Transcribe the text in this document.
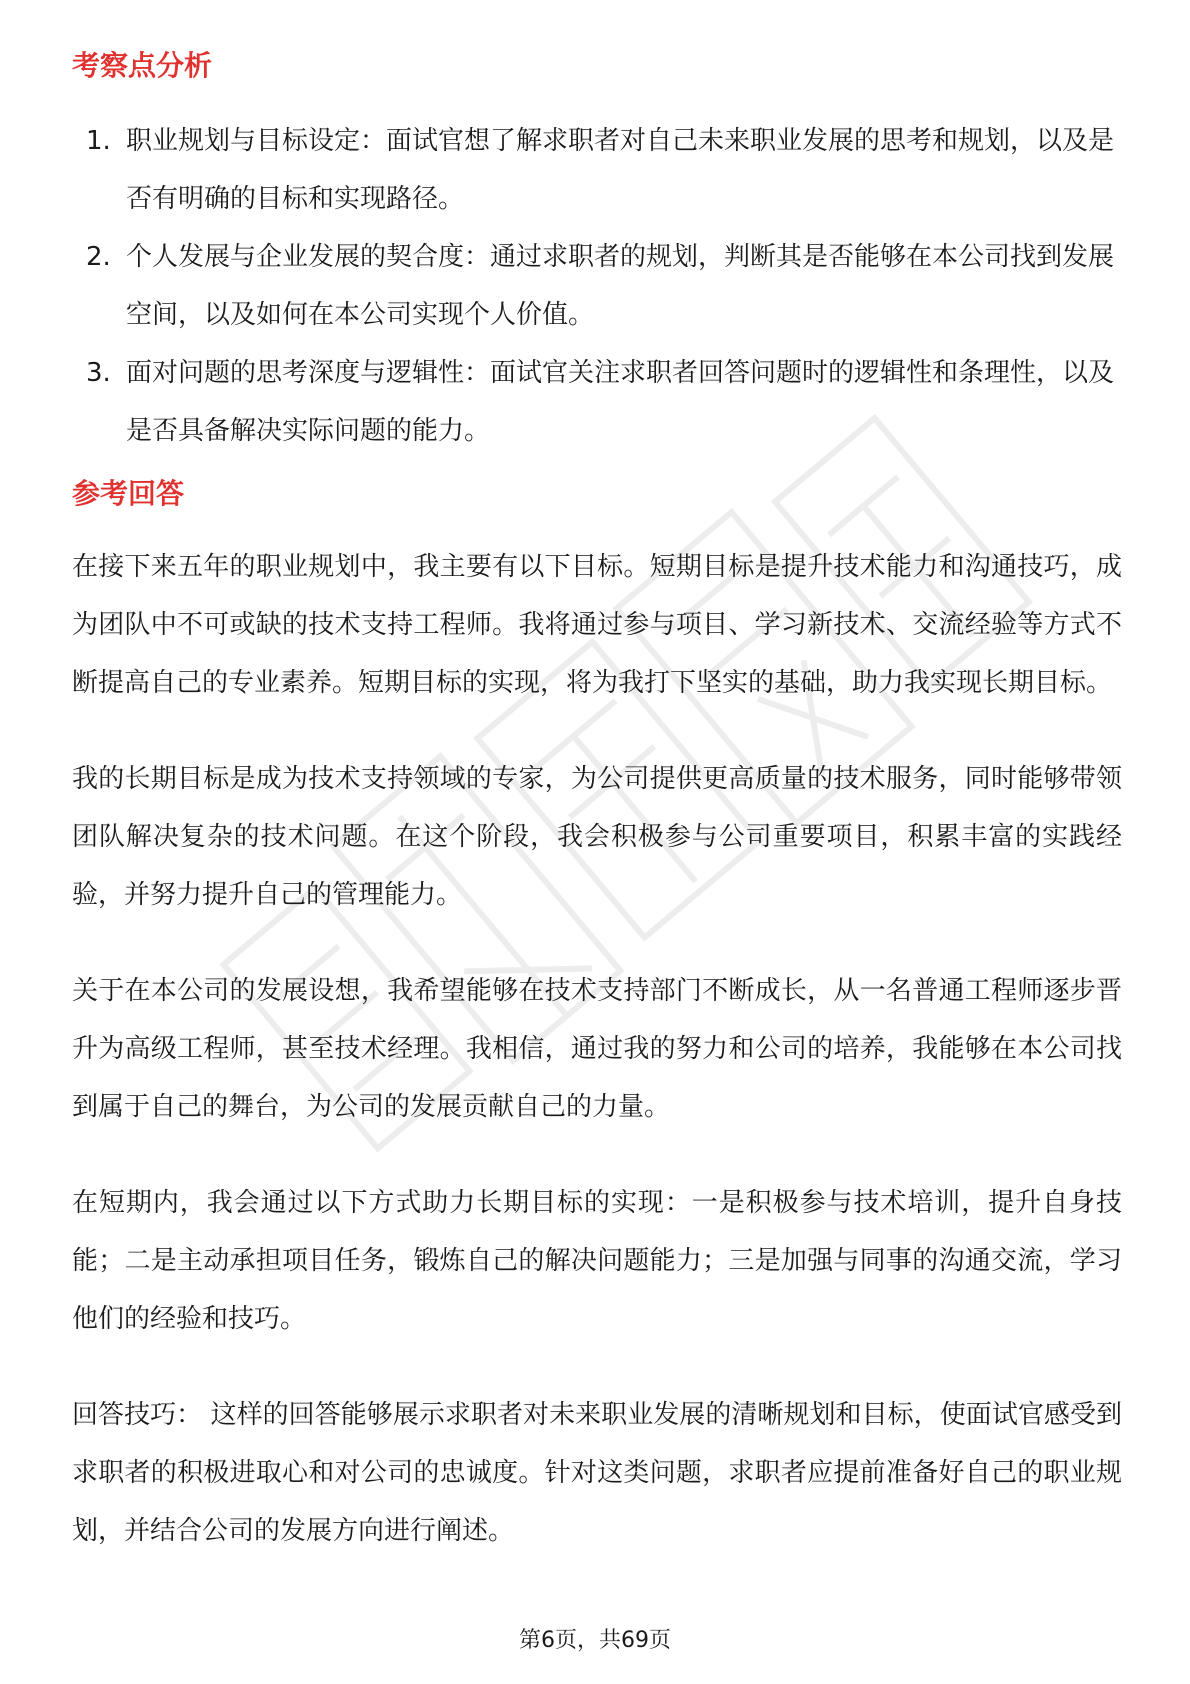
考察点分析
1. 职业规划与目标设定：面试官想了解求职者对自己未来职业发展的思考和规划，以及是否有明确的目标和实现路径。
2. 个人发展与企业发展的契合度：通过求职者的规划，判断其是否能够在本公司找到发展空间，以及如何在本公司实现个人价值。
3. 面对问题的思考深度与逻辑性：面试官关注求职者回答问题时的逻辑性和条理性，以及是否具备解决实际问题的能力。
参考回答

在接下来五年的职业规划中，我主要有以下目标。短期目标是提升技术能力和沟通技巧，成为团队中不可或缺的技术支持工程师。我将通过参与项目、学习新技术、交流经验等方式不断提高自己的专业素养。短期目标的实现，将为我打下坚实的基础，助力我实现长期目标。

我的长期目标是成为技术支持领域的专家，为公司提供更高质量的技术服务，同时能够带领团队解决复杂的技术问题。在这个阶段，我会积极参与公司重要项目，积累丰富的实践经验，并努力提升自己的管理能力。

关于在本公司的发展设想，我希望能够在技术支持部门不断成长，从一名普通工程师逐步晋升为高级工程师，甚至技术经理。我相信，通过我的努力和公司的培养，我能够在本公司找到属于自己的舞台，为公司的发展贡献自己的力量。

在短期内，我会通过以下方式助力长期目标的实现：一是积极参与技术培训，提升自身技能；二是主动承担项目任务，锻炼自己的解决问题能力；三是加强与同事的沟通交流，学习他们的经验和技巧。

回答技巧： 这样的回答能够展示求职者对未来职业发展的清晰规划和目标，使面试官感受到求职者的积极进取心和对公司的忠诚度。针对这类问题，求职者应提前准备好自己的职业规划，并结合公司的发展方向进行阐述。

第6页，共69页
